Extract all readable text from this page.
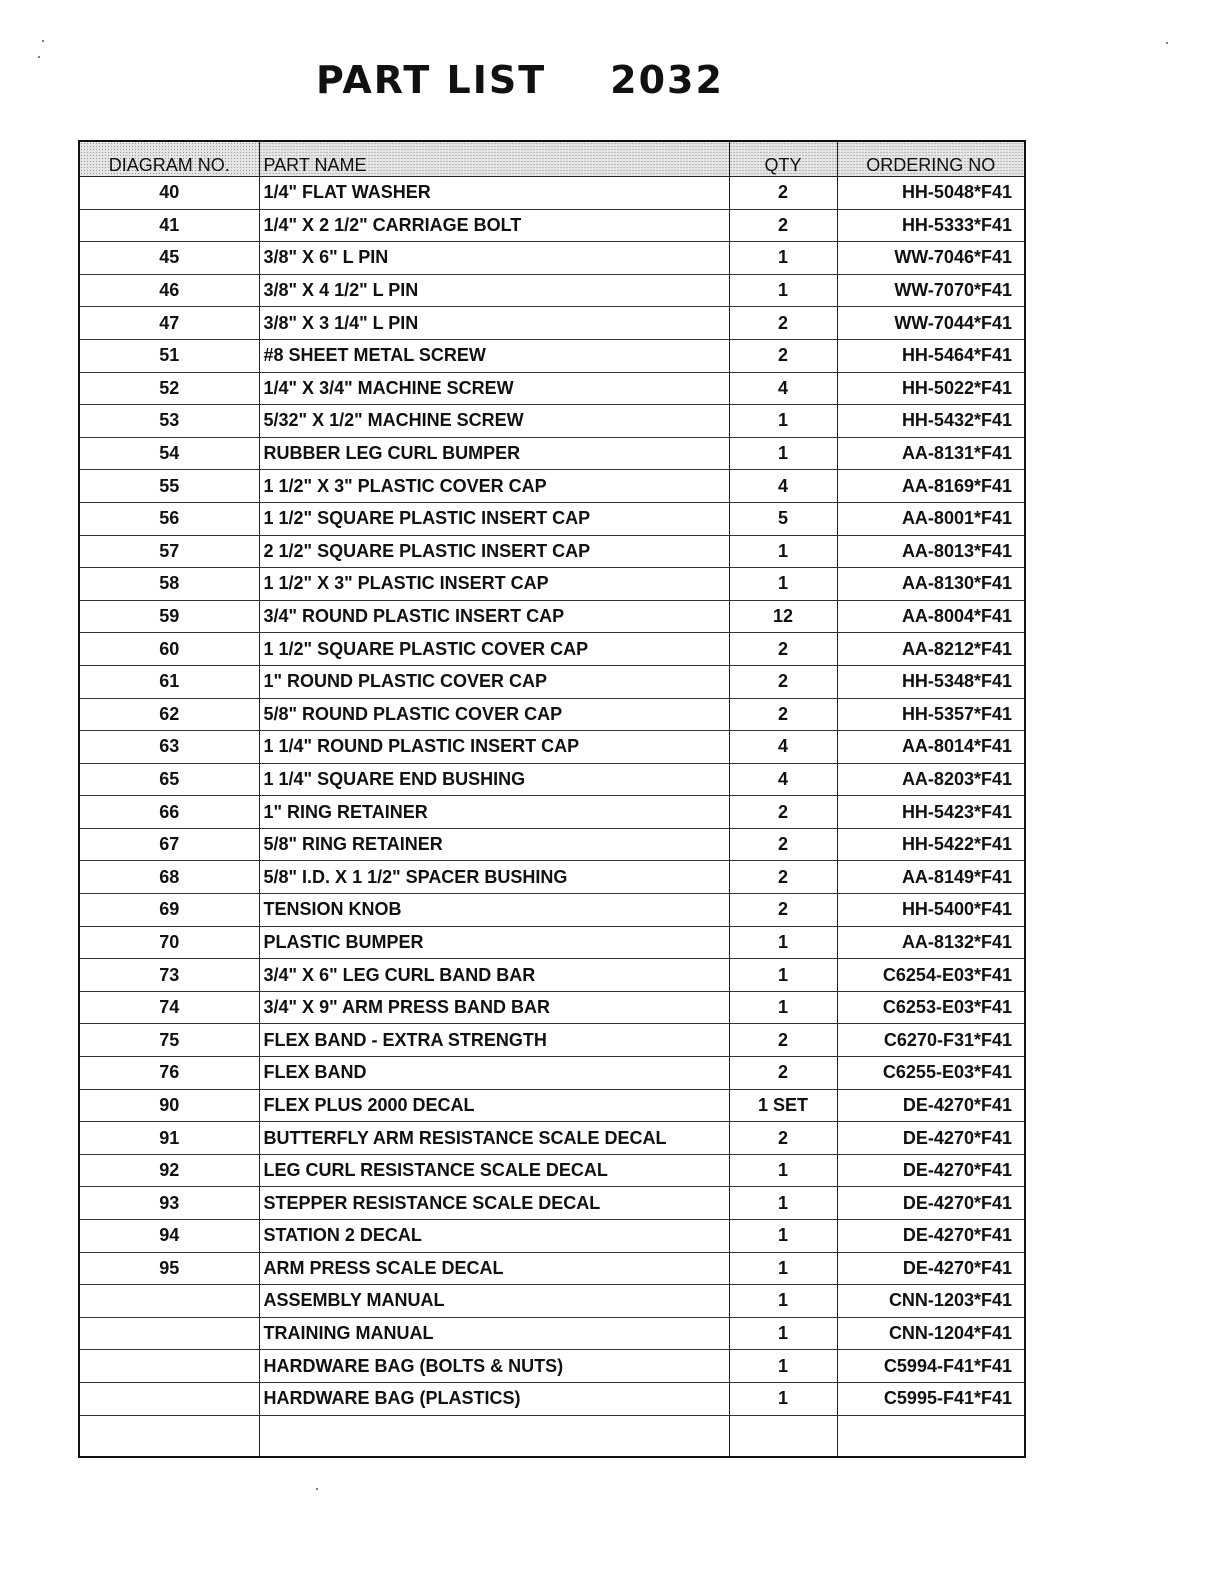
PART LIST 2032
DIAGRAM NO.	PART NAME	QTY	ORDERING NO
40	1/4" FLAT WASHER	2	HH-5048*F41
41	1/4" X 2 1/2" CARRIAGE BOLT	2	HH-5333*F41
45	3/8" X 6" L PIN	1	WW-7046*F41
46	3/8" X 4 1/2" L PIN	1	WW-7070*F41
47	3/8" X 3 1/4" L PIN	2	WW-7044*F41
51	#8 SHEET METAL SCREW	2	HH-5464*F41
52	1/4" X 3/4" MACHINE SCREW	4	HH-5022*F41
53	5/32" X 1/2" MACHINE SCREW	1	HH-5432*F41
54	RUBBER LEG CURL BUMPER	1	AA-8131*F41
55	1 1/2" X 3" PLASTIC COVER CAP	4	AA-8169*F41
56	1 1/2" SQUARE PLASTIC INSERT CAP	5	AA-8001*F41
57	2 1/2" SQUARE PLASTIC INSERT CAP	1	AA-8013*F41
58	1 1/2" X 3" PLASTIC INSERT CAP	1	AA-8130*F41
59	3/4" ROUND PLASTIC INSERT CAP	12	AA-8004*F41
60	1 1/2" SQUARE PLASTIC COVER CAP	2	AA-8212*F41
61	1" ROUND PLASTIC COVER CAP	2	HH-5348*F41
62	5/8" ROUND PLASTIC COVER CAP	2	HH-5357*F41
63	1 1/4" ROUND PLASTIC INSERT CAP	4	AA-8014*F41
65	1 1/4" SQUARE END BUSHING	4	AA-8203*F41
66	1" RING RETAINER	2	HH-5423*F41
67	5/8" RING RETAINER	2	HH-5422*F41
68	5/8" I.D. X 1 1/2" SPACER BUSHING	2	AA-8149*F41
69	TENSION KNOB	2	HH-5400*F41
70	PLASTIC BUMPER	1	AA-8132*F41
73	3/4" X 6" LEG CURL BAND BAR	1	C6254-E03*F41
74	3/4" X 9" ARM PRESS BAND BAR	1	C6253-E03*F41
75	FLEX BAND - EXTRA STRENGTH	2	C6270-F31*F41
76	FLEX BAND	2	C6255-E03*F41
90	FLEX PLUS 2000 DECAL	1 SET	DE-4270*F41
91	BUTTERFLY ARM RESISTANCE SCALE DECAL	2	DE-4270*F41
92	LEG CURL RESISTANCE SCALE DECAL	1	DE-4270*F41
93	STEPPER RESISTANCE SCALE DECAL	1	DE-4270*F41
94	STATION 2 DECAL	1	DE-4270*F41
95	ARM PRESS SCALE DECAL	1	DE-4270*F41
	ASSEMBLY MANUAL	1	CNN-1203*F41
	TRAINING MANUAL	1	CNN-1204*F41
	HARDWARE BAG (BOLTS & NUTS)	1	C5994-F41*F41
	HARDWARE BAG (PLASTICS)	1	C5995-F41*F41
